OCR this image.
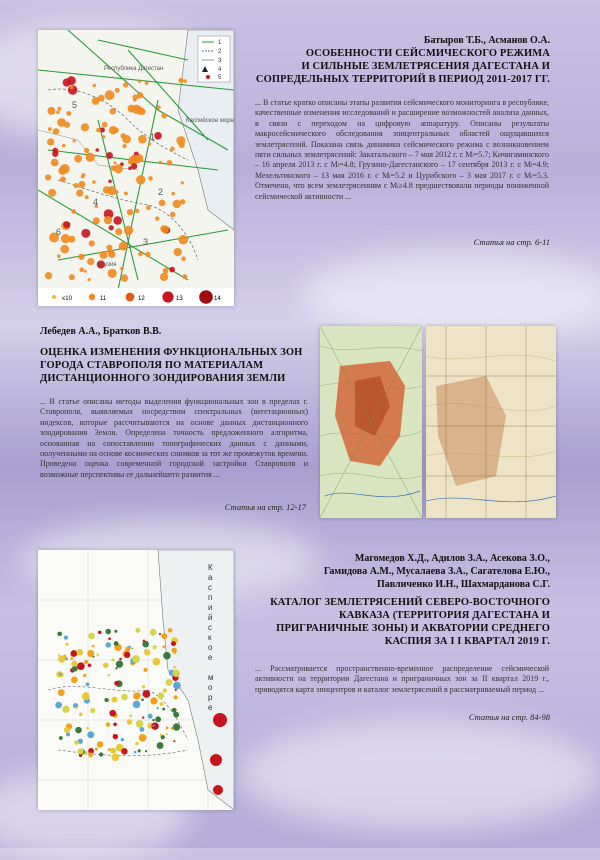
1
2
3
4
5
6
1
2
3
4
5
Республика Дагестан
Каспийское море
Грузия
≤10	11	12	13	14
Батыров Т.Б., Асманов О.А.
ОСОБЕННОСТИ СЕЙСМИЧЕСКОГО РЕЖИМА
И СИЛЬНЫЕ ЗЕМЛЕТРЯСЕНИЯ ДАГЕСТАНА И
СОПРЕДЕЛЬНЫХ ТЕРРИТОРИЙ В ПЕРИОД 2011-2017 ГГ.
... В статье кратко описаны этапы развития сейсмического мониторинга в республике, качественные изменения исследований и расширение возможностей анализа данных, в связи с переходом на цифровую аппаратуру. Описаны результаты макросейсмического обследования эпицентральных областей ощущавшихся землетрясений. Показана связь динамики сейсмического режима с возникновением пяти сильных землетрясений: Закатальского – 7 мая 2012 г. с Mₗ=5.7; Кичигаминского – 16 апреля 2013 г. с Mₗ=4.8; Грузино-Дагестанского – 17 сентября 2013 г. с Mₗ=4.9; Мехельтинского – 13 мая 2016 г. с Mₗ=5.2 и Цурибского – 3 мая 2017 г. с Mₗ=5.3. Отмечено, что всем землетрясениям с Mₗ≥4.8 предшествовали периоды пониженной сейсмической активности ...
Статья на стр. 6-11
Лебедев А.А., Братков В.В.
ОЦЕНКА ИЗМЕНЕНИЯ ФУНКЦИОНАЛЬНЫХ ЗОН
ГОРОДА СТАВРОПОЛЯ ПО МАТЕРИАЛАМ
ДИСТАНЦИОННОГО ЗОНДИРОВАНИЯ ЗЕМЛИ
... В статье описаны методы выделения функциональных зон в пределах г. Ставрополя, выявляемых посредством спектральных (вегетационных) индексов, которые рассчитываются на основе данных дистанционного зондирования Земли. Определена точность предложенного алгоритма, основанная на сопоставлении топографических данных с данными, полученными на основе космических снимков за тот же промежуток времени. Проведена оценка современной городской застройки Ставрополя и возможные перспективы ее дальнейшего развития ...
Статья на стр. 12-17
К
а
с
п
и
й
с
к
о
е
м
о
р
е
Магомедов Х.Д., Адилов З.А., Асекова З.О.,
Гамидова А.М., Мусалаева З.А., Сагателова Е.Ю.,
Павличенко И.Н., Шахмарданова С.Г.
КАТАЛОГ ЗЕМЛЕТРЯСЕНИЙ СЕВЕРО-ВОСТОЧНОГО
КАВКАЗА (ТЕРРИТОРИЯ ДАГЕСТАНА И
ПРИГРАНИЧНЫЕ ЗОНЫ) И АКВАТОРИИ СРЕДНЕГО
КАСПИЯ ЗА I I КВАРТАЛ 2019 Г.
... Рассматривается пространственно-временное распределение сейсмической активности на территории Дагестана и приграничных зон за II квартал 2019 г., приводятся карта эпицентров и каталог землетрясений в рассматриваемый период ...
Статья на стр. 84-98
